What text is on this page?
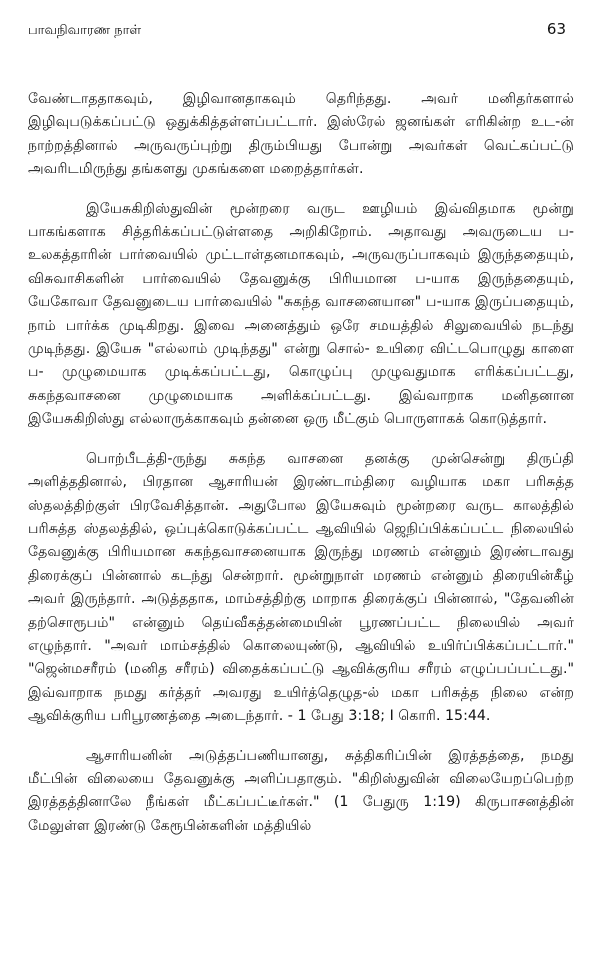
பாவநிவாரண நாள்	63

வேண்டாததாகவும், இழிவானதாகவும் தெரிந்தது. அவர் மனிதர்களால் இழிவுபடுக்கப்பட்டு ஒதுக்கித்தள்ளப்பட்டார். இஸ்ரேல் ஜனங்கள் எரிகின்ற உட-ன் நாற்றத்தினால் அருவருப்புற்று திரும்பியது போன்று அவர்கள் வெட்கப்பட்டு அவரிடமிருந்து தங்களது முகங்களை மறைத்தார்கள்.

இயேசுகிறிஸ்துவின் மூன்றரை வருட ஊழியம் இவ்விதமாக மூன்று பாகங்களாக சித்தரிக்கப்பட்டுள்ளதை அறிகிறோம். அதாவது அவருடைய ப- உலகத்தாரின் பார்வையில் முட்டாள்தனமாகவும், அருவருப்பாகவும் இருந்ததையும், விசுவாசிகளின் பார்வையில் தேவனுக்கு பிரியமான ப-யாக இருந்ததையும், யேகோவா தேவனுடைய பார்வையில் "சுகந்த வாசனையான" ப-யாக இருப்பதையும், நாம் பார்க்க முடிகிறது. இவை அனைத்தும் ஒரே சமயத்தில் சிலுவையில் நடந்து முடிந்தது. இயேசு "எல்லாம் முடிந்தது" என்று சொல்- உயிரை விட்டபொழுது காளை ப- முழுமையாக முடிக்கப்பட்டது, கொழுப்பு முழுவதுமாக எரிக்கப்பட்டது, சுகந்தவாசனை முழுமையாக அளிக்கப்பட்டது. இவ்வாறாக மனிதனான இயேசுகிறிஸ்து எல்லாருக்காகவும் தன்னை ஒரு மீட்கும் பொருளாகக் கொடுத்தார்.

பொற்பீடத்தி-ருந்து சுகந்த வாசனை தனக்கு முன்சென்று திருப்தி அளித்ததினால், பிரதான ஆசாரியன் இரண்டாம்திரை வழியாக மகா பரிசுத்த ஸ்தலத்திற்குள் பிரவேசித்தான். அதுபோல இயேசுவும் மூன்றரை வருட காலத்தில் பரிசுத்த ஸ்தலத்தில், ஒப்புக்கொடுக்கப்பட்ட ஆவியில் ஜெநிப்பிக்கப்பட்ட நிலையில் தேவனுக்கு பிரியமான சுகந்தவாசனையாக இருந்து மரணம் என்னும் இரண்டாவது திரைக்குப் பின்னால் கடந்து சென்றார். மூன்றுநாள் மரணம் என்னும் திரையின்கீழ் அவர் இருந்தார். அடுத்ததாக, மாம்சத்திற்கு மாறாக திரைக்குப் பின்னால், "தேவனின் தற்சொரூபம்" என்னும் தெய்வீகத்தன்மையின் பூரணப்பட்ட நிலையில் அவர் எழுந்தார். "அவர் மாம்சத்தில் கொலையுண்டு, ஆவியில் உயிர்ப்பிக்கப்பட்டார்." "ஜென்மசரீரம் (மனித சரீரம்) விதைக்கப்பட்டு ஆவிக்குரிய சரீரம் எழுப்பப்பட்டது." இவ்வாறாக நமது கர்த்தர் அவரது உயிர்த்தெழுத-ல் மகா பரிசுத்த நிலை என்ற ஆவிக்குரிய பரிபூரணத்தை அடைந்தார். - 1 பேது 3:18; I கொரி. 15:44.

ஆசாரியனின் அடுத்தப்பணியானது, சுத்திகரிப்பின் இரத்தத்தை, நமது மீட்பின் விலையை தேவனுக்கு அளிப்பதாகும். "கிறிஸ்துவின் விலையேறப்பெற்ற இரத்தத்தினாலே நீங்கள் மீட்கப்பட்டீர்கள்." (1 பேதுரு 1:19) கிருபாசனத்தின் மேலுள்ள இரண்டு கேரூபின்களின் மத்தியில்
